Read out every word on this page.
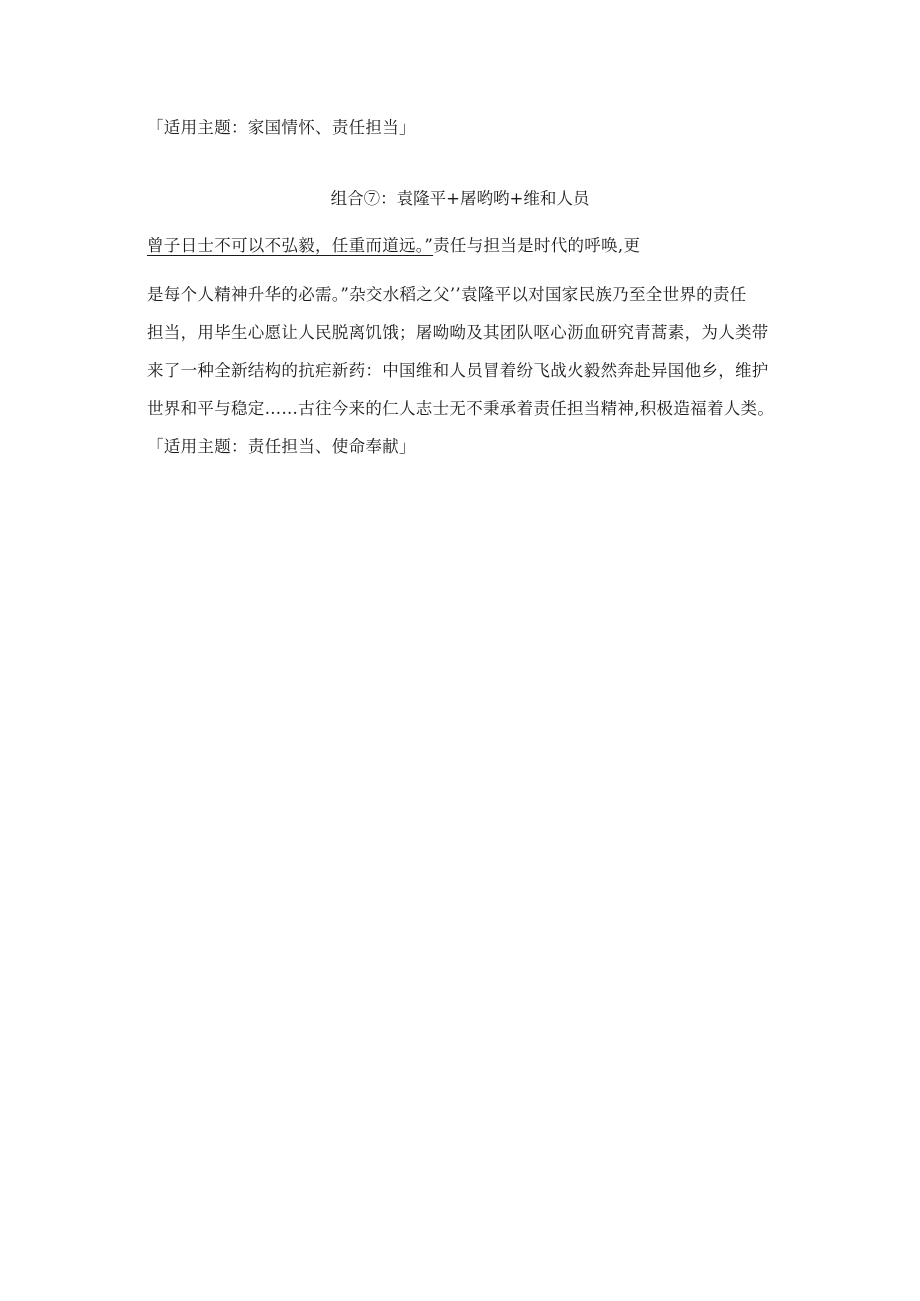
「适用主题：家国情怀、责任担当」
组合⑦：袁隆平+屠哟哟+维和人员
曾子日士不可以不弘毅，任重而道远。”责任与担当是时代的呼唤,更
是每个人精神升华的必需。”杂交水稻之父’’袁隆平以对国家民族乃至全世界的责任
担当，用毕生心愿让人民脱离饥饿；屠呦呦及其团队呕心沥血研究青蒿素，为人类带
来了一种全新结构的抗疟新药：中国维和人员冒着纷飞战火毅然奔赴异国他乡，维护
世界和平与稳定……古往今来的仁人志士无不秉承着责任担当精神,积极造福着人类。
「适用主题：责任担当、使命奉献」
